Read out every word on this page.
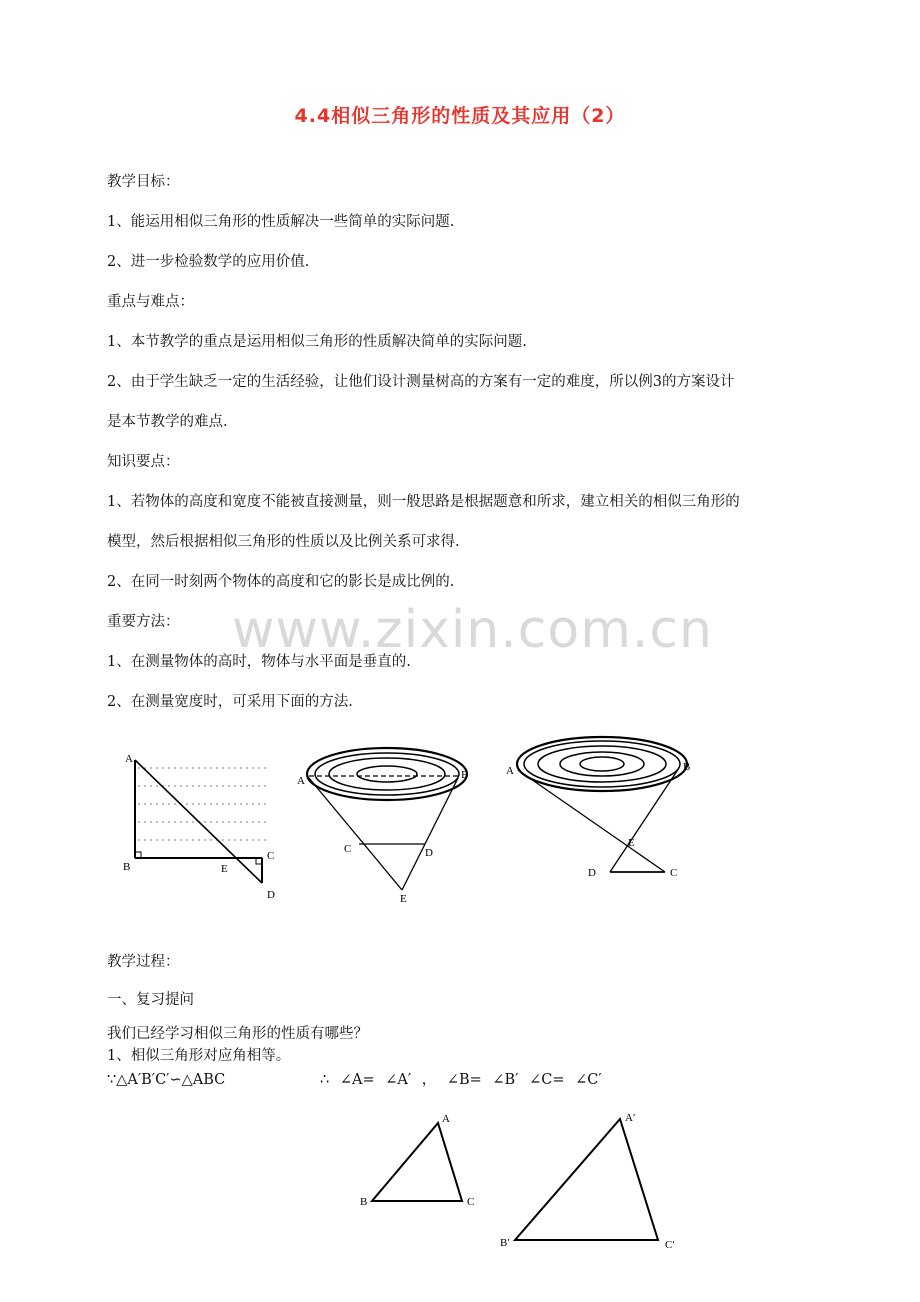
www.zixin.com.cn
4.4相似三角形的性质及其应用（2）
教学目标：
1、能运用相似三角形的性质解决一些简单的实际问题.
2、进一步检验数学的应用价值.
重点与难点：
1、本节教学的重点是运用相似三角形的性质解决简单的实际问题.
2、由于学生缺乏一定的生活经验，让他们设计测量树高的方案有一定的难度，所以例3的方案设计
是本节教学的难点.
知识要点：
1、若物体的高度和宽度不能被直接测量，则一般思路是根据题意和所求，建立相关的相似三角形的
模型，然后根据相似三角形的性质以及比例关系可求得.
2、在同一时刻两个物体的高度和它的影长是成比例的.
重要方法：
1、在测量物体的高时，物体与水平面是垂直的.
2、在测量宽度时，可采用下面的方法.
A
B	E
C
D
A	B
C	D
E
A	B
E
D	C
教学过程：
一、复习提问
我们已经学习相似三角形的性质有哪些？
1、相似三角形对应角相等。
∵△A′B′C′∽△ABC	∴ ∠A= ∠A′ ， ∠B= ∠B′ ∠C= ∠C′
A
B	C
A′
B′	C′
